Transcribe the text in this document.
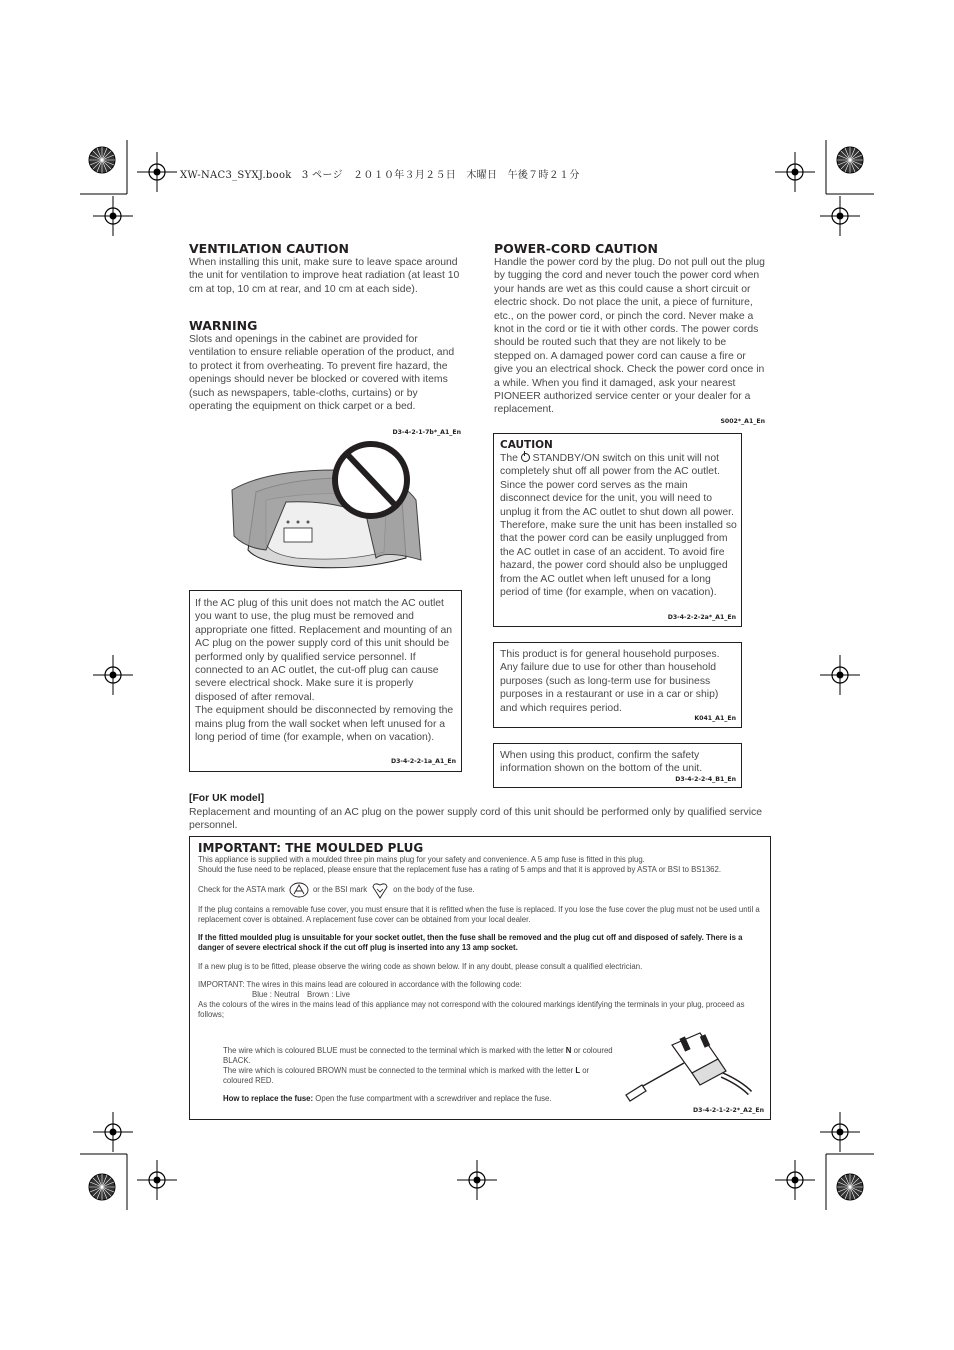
XW-NAC3_SYXJ.book　3 ページ　２０１０年３月２５日　木曜日　午後７時２１分
VENTILATION CAUTION
When installing this unit, make sure to leave space around the unit for ventilation to improve heat radiation (at least 10 cm at top, 10 cm at rear, and 10 cm at each side).
WARNING
Slots and openings in the cabinet are provided for ventilation to ensure reliable operation of the product, and to protect it from overheating. To prevent fire hazard, the openings should never be blocked or covered with items (such as newspapers, table-cloths, curtains) or by operating the equipment on thick carpet or a bed.
D3-4-2-1-7b*_A1_En
If the AC plug of this unit does not match the AC outlet you want to use, the plug must be removed and appropriate one fitted. Replacement and mounting of an AC plug on the power supply cord of this unit should be performed only by qualified service personnel. If connected to an AC outlet, the cut-off plug can cause severe electrical shock. Make sure it is properly disposed of after removal.
The equipment should be disconnected by removing the mains plug from the wall socket when left unused for a long period of time (for example, when on vacation).
D3-4-2-2-1a_A1_En
POWER-CORD CAUTION
Handle the power cord by the plug. Do not pull out the plug by tugging the cord and never touch the power cord when your hands are wet as this could cause a short circuit or electric shock. Do not place the unit, a piece of furniture, etc., on the power cord, or pinch the cord. Never make a knot in the cord or tie it with other cords. The power cords should be routed such that they are not likely to be stepped on. A damaged power cord can cause a fire or give you an electrical shock. Check the power cord once in a while. When you find it damaged, ask your nearest PIONEER authorized service center or your dealer for a replacement.
S002*_A1_En
CAUTION
The
STANDBY/ON switch on this unit will not completely shut off all power from the AC outlet. Since the power cord serves as the main disconnect device for the unit, you will need to unplug it from the AC outlet to shut down all power. Therefore, make sure the unit has been installed so that the power cord can be easily unplugged from the AC outlet in case of an accident. To avoid fire hazard, the power cord should also be unplugged from the AC outlet when left unused for a long period of time (for example, when on vacation).
D3-4-2-2-2a*_A1_En
This product is for general household purposes. Any failure due to use for other than household purposes (such as long-term use for business purposes in a restaurant or use in a car or ship) and which requires period.
K041_A1_En
When using this product, confirm the safety information shown on the bottom of the unit.
D3-4-2-2-4_B1_En
[For UK model]
Replacement and mounting of an AC plug on the power supply cord of this unit should be performed only by qualified service personnel.
IMPORTANT: THE MOULDED PLUG
This appliance is supplied with a moulded three pin mains plug for your safety and convenience. A 5 amp fuse is fitted in this plug.
Should the fuse need to be replaced, please ensure that the replacement fuse has a rating of 5 amps and that it is approved by ASTA or BSI to BS1362.
Check for the ASTA mark	or the BSI mark	on the body of the fuse.
If the plug contains a removable fuse cover, you must ensure that it is refitted when the fuse is replaced. If you lose the fuse cover the plug must not be used until a replacement cover is obtained. A replacement fuse cover can be obtained from your local dealer.
If the fitted moulded plug is unsuitable for your socket outlet, then the fuse shall be removed and the plug cut off and disposed of safely. There is a danger of severe electrical shock if the cut off plug is inserted into any 13 amp socket.
If a new plug is to be fitted, please observe the wiring code as shown below. If in any doubt, please consult a qualified electrician.
IMPORTANT: The wires in this mains lead are coloured in accordance with the following code:
Blue : Neutral　Brown : Live
As the colours of the wires in the mains lead of this appliance may not correspond with the coloured markings identifying the terminals in your plug, proceed as follows;
The wire which is coloured BLUE must be connected to the terminal which is marked with the letter N or coloured BLACK.
The wire which is coloured BROWN must be connected to the terminal which is marked with the letter L or coloured RED.
How to replace the fuse: Open the fuse compartment with a screwdriver and replace the fuse.
D3-4-2-1-2-2*_A2_En
